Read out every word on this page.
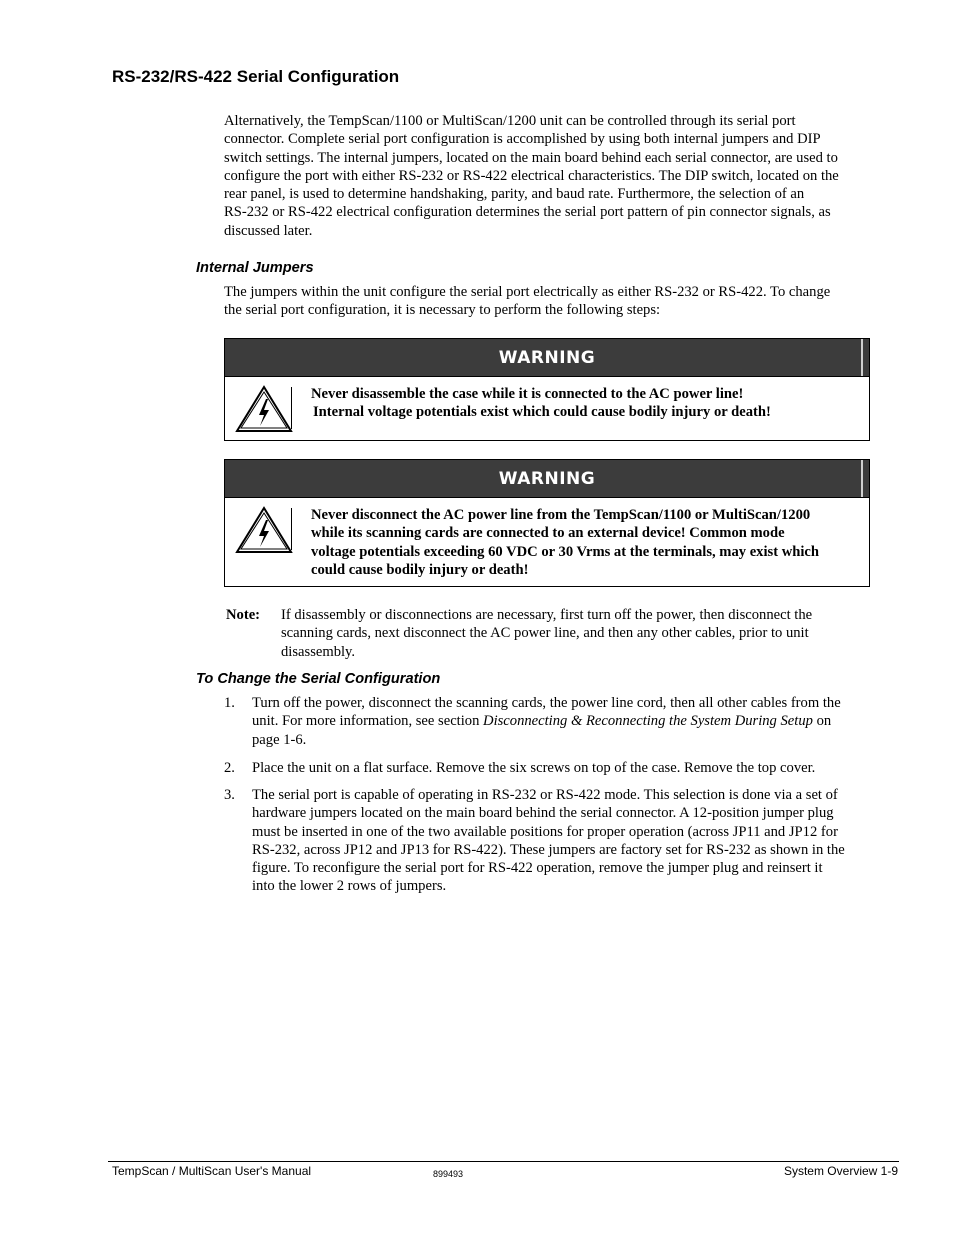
RS-232/RS-422 Serial Configuration
Alternatively, the TempScan/1100 or MultiScan/1200 unit can be controlled through its serial port
connector. Complete serial port configuration is accomplished by using both internal jumpers and DIP
switch settings. The internal jumpers, located on the main board behind each serial connector, are used to
configure the port with either RS-232 or RS-422 electrical characteristics. The DIP switch, located on the
rear panel, is used to determine handshaking, parity, and baud rate. Furthermore, the selection of an
RS-232 or RS-422 electrical configuration determines the serial port pattern of pin connector signals, as
discussed later.
Internal Jumpers
The jumpers within the unit configure the serial port electrically as either RS-232 or RS-422. To change
the serial port configuration, it is necessary to perform the following steps:
WARNING
Never disassemble the case while it is connected to the AC power line!
Internal voltage potentials exist which could cause bodily injury or death!
WARNING
Never disconnect the AC power line from the TempScan/1100 or MultiScan/1200
while its scanning cards are connected to an external device! Common mode
voltage potentials exceeding 60 VDC or 30 Vrms at the terminals, may exist which
could cause bodily injury or death!
Note: If disassembly or disconnections are necessary, first turn off the power, then disconnect the
scanning cards, next disconnect the AC power line, and then any other cables, prior to unit
disassembly.
To Change the Serial Configuration
1. Turn off the power, disconnect the scanning cards, the power line cord, then all other cables from the
unit. For more information, see section Disconnecting & Reconnecting the System During Setup on
page 1-6.
2. Place the unit on a flat surface. Remove the six screws on top of the case. Remove the top cover.
3. The serial port is capable of operating in RS-232 or RS-422 mode. This selection is done via a set of
hardware jumpers located on the main board behind the serial connector. A 12-position jumper plug
must be inserted in one of the two available positions for proper operation (across JP11 and JP12 for
RS-232, across JP12 and JP13 for RS-422). These jumpers are factory set for RS-232 as shown in the
figure. To reconfigure the serial port for RS-422 operation, remove the jumper plug and reinsert it
into the lower 2 rows of jumpers.
TempScan / MultiScan User's Manual	899493	System Overview 1-9
